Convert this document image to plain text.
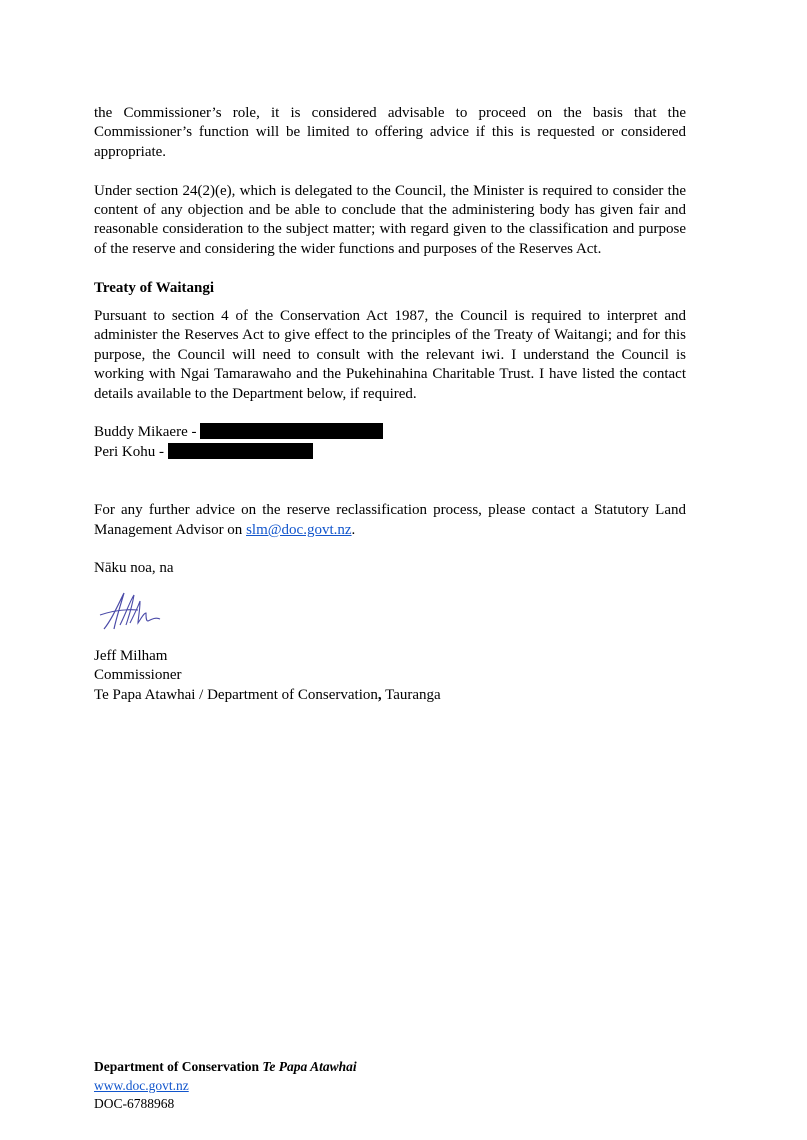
the Commissioner’s role, it is considered advisable to proceed on the basis that the Commissioner’s function will be limited to offering advice if this is requested or considered appropriate.

Under section 24(2)(e), which is delegated to the Council, the Minister is required to consider the content of any objection and be able to conclude that the administering body has given fair and reasonable consideration to the subject matter; with regard given to the classification and purpose of the reserve and considering the wider functions and purposes of the Reserves Act.

Treaty of Waitangi

Pursuant to section 4 of the Conservation Act 1987, the Council is required to interpret and administer the Reserves Act to give effect to the principles of the Treaty of Waitangi; and for this purpose, the Council will need to consult with the relevant iwi. I understand the Council is working with Ngai Tamarawaho and the Pukehinahina Charitable Trust. I have listed the contact details available to the Department below, if required.

Buddy Mikaere -
Peri Kohu -

For any further advice on the reserve reclassification process, please contact a Statutory Land Management Advisor on slm@doc.govt.nz.

Nāku noa, na
Jeff Milham
Commissioner
Te Papa Atawhai / Department of Conservation, Tauranga
Department of Conservation Te Papa Atawhai
www.doc.govt.nz
DOC-6788968
